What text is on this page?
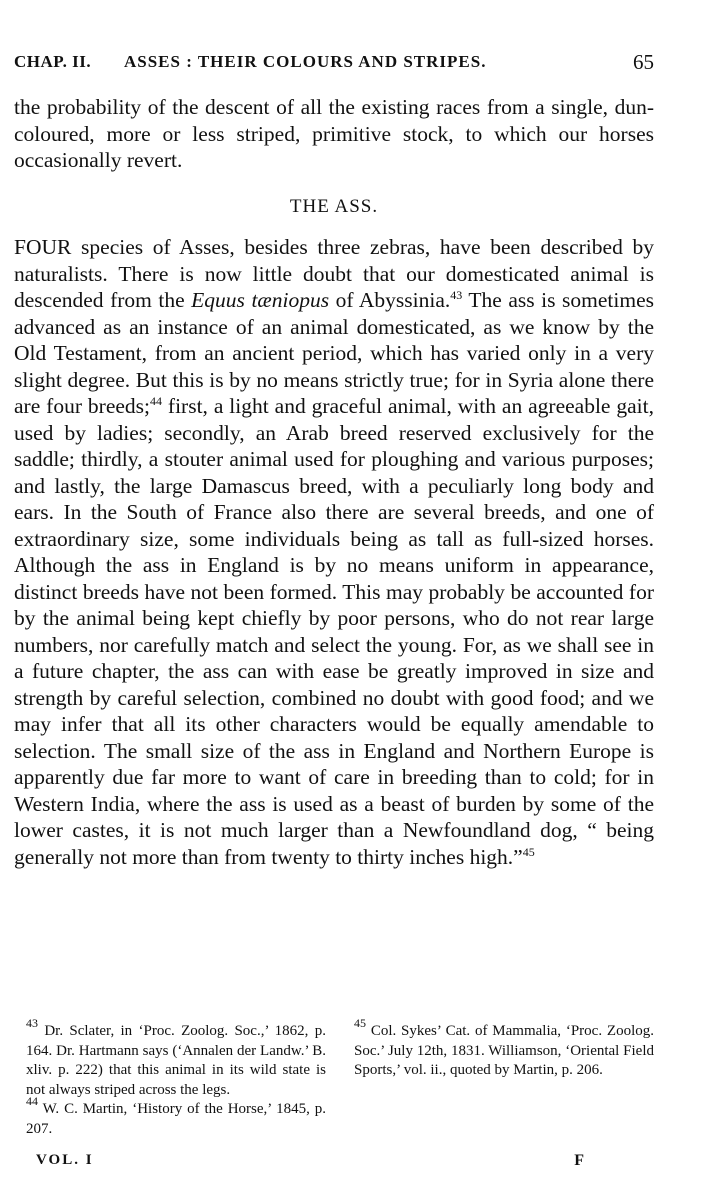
CHAP. II. ASSES : THEIR COLOURS AND STRIPES.	65

the probability of the descent of all the existing races from a single, dun-coloured, more or less striped, primitive stock, to which our horses occasionally revert.

THE ASS.

FOUR species of Asses, besides three zebras, have been described by naturalists. There is now little doubt that our domesticated animal is descended from the Equus tæniopus of Abyssinia.$^{43}$ The ass is sometimes advanced as an instance of an animal domesticated, as we know by the Old Testament, from an ancient period, which has varied only in a very slight degree. But this is by no means strictly true; for in Syria alone there are four breeds;$^{44}$ first, a light and graceful animal, with an agreeable gait, used by ladies; secondly, an Arab breed reserved exclusively for the saddle; thirdly, a stouter animal used for ploughing and various purposes; and lastly, the large Damascus breed, with a peculiarly long body and ears. In the South of France also there are several breeds, and one of extraordinary size, some individuals being as tall as full-sized horses. Although the ass in England is by no means uniform in appearance, distinct breeds have not been formed. This may probably be accounted for by the animal being kept chiefly by poor persons, who do not rear large numbers, nor carefully match and select the young. For, as we shall see in a future chapter, the ass can with ease be greatly improved in size and strength by careful selection, combined no doubt with good food; and we may infer that all its other characters would be equally amendable to selection. The small size of the ass in England and Northern Europe is apparently due far more to want of care in breeding than to cold; for in Western India, where the ass is used as a beast of burden by some of the lower castes, it is not much larger than a Newfoundland dog, “ being generally not more than from twenty to thirty inches high.”$^{45}$

$^{43}$ Dr. Sclater, in ‘Proc. Zoolog. Soc.,’ 1862, p. 164. Dr. Hartmann says (‘Annalen der Landw.’ B. xliv. p. 222) that this animal in its wild state is not always striped across the legs.

$^{44}$ W. C. Martin, ‘History of the Horse,’ 1845, p. 207.

$^{45}$ Col. Sykes’ Cat. of Mammalia, ‘Proc. Zoolog. Soc.’ July 12th, 1831. Williamson, ‘Oriental Field Sports,’ vol. ii., quoted by Martin, p. 206.

VOL. I	F
